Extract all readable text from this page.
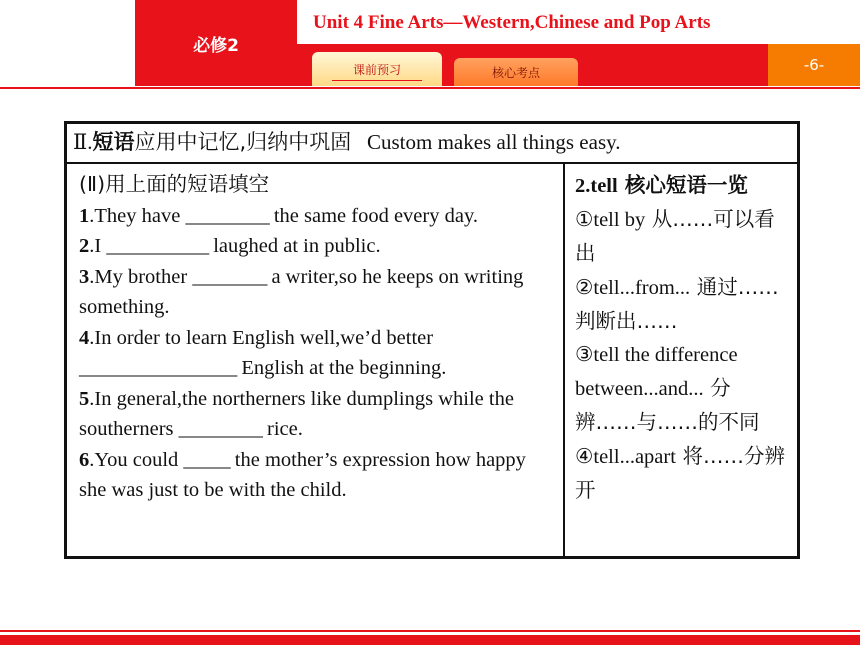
必修2
Unit 4 Fine Arts—Western,Chinese and Pop Arts
课前预习	核心考点	-6-
Ⅱ.短语应用中记忆,归纳中巩固 Custom makes all things easy.

(Ⅱ)用上面的短语填空

1.They have _________ the same food every day.

2.I ___________ laughed at in public.

3.My brother ________ a writer,so he keeps on writing something.

4.In order to learn English well,we’d better _________________ English at the beginning.

5.In general,the northerners like dumplings while the southerners _________ rice.

6.You could _____ the mother’s expression how happy she was just to be with the child.

2.tell 核心短语一览

①tell by 从……可以看出

②tell...from... 通过……判断出……

③tell the difference between...and... 分辨……与……的不同

④tell...apart 将……分辨开
